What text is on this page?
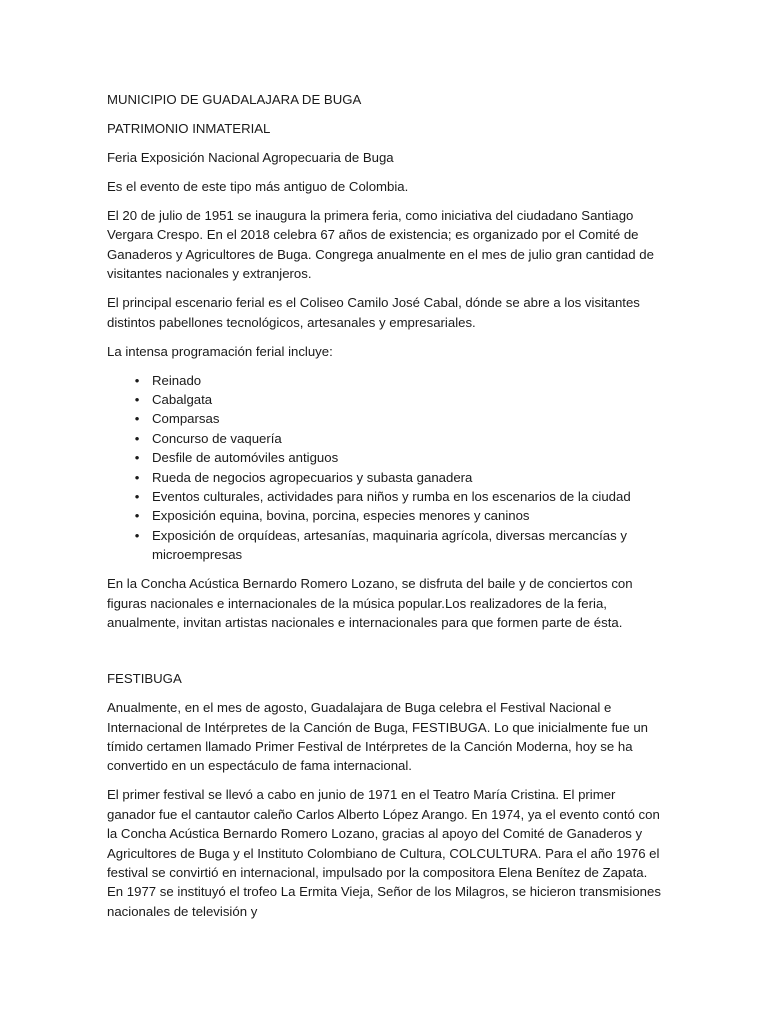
MUNICIPIO DE GUADALAJARA DE BUGA

PATRIMONIO INMATERIAL

Feria Exposición Nacional Agropecuaria de Buga

Es el evento de este tipo más antiguo de Colombia.

El 20 de julio de 1951 se inaugura la primera feria, como iniciativa del ciudadano Santiago Vergara Crespo. En el 2018 celebra 67 años de existencia; es organizado por el Comité de Ganaderos y Agricultores de Buga. Congrega anualmente en el mes de julio gran cantidad de visitantes nacionales y extranjeros.

El principal escenario ferial es el Coliseo Camilo José Cabal, dónde se abre a los visitantes distintos pabellones tecnológicos, artesanales y empresariales.

La intensa programación ferial incluye:

• Reinado
• Cabalgata
• Comparsas
• Concurso de vaquería
• Desfile de automóviles antiguos
• Rueda de negocios agropecuarios y subasta ganadera
• Eventos culturales, actividades para niños y rumba en los escenarios de la ciudad
• Exposición equina, bovina, porcina, especies menores y caninos
• Exposición de orquídeas, artesanías, maquinaria agrícola, diversas mercancías y microempresas

En la Concha Acústica Bernardo Romero Lozano, se disfruta del baile y de conciertos con figuras nacionales e internacionales de la música popular.Los realizadores de la feria, anualmente, invitan artistas nacionales e internacionales para que formen parte de ésta.

FESTIBUGA

Anualmente, en el mes de agosto, Guadalajara de Buga celebra el Festival Nacional e Internacional de Intérpretes de la Canción de Buga, FESTIBUGA. Lo que inicialmente fue un tímido certamen llamado Primer Festival de Intérpretes de la Canción Moderna, hoy se ha convertido en un espectáculo de fama internacional.

El primer festival se llevó a cabo en junio de 1971 en el Teatro María Cristina. El primer ganador fue el cantautor caleño Carlos Alberto López Arango. En 1974, ya el evento contó con la Concha Acústica Bernardo Romero Lozano, gracias al apoyo del Comité de Ganaderos y Agricultores de Buga y el Instituto Colombiano de Cultura, COLCULTURA. Para el año 1976 el festival se convirtió en internacional, impulsado por la compositora Elena Benítez de Zapata. En 1977 se instituyó el trofeo La Ermita Vieja, Señor de los Milagros, se hicieron transmisiones nacionales de televisión y
